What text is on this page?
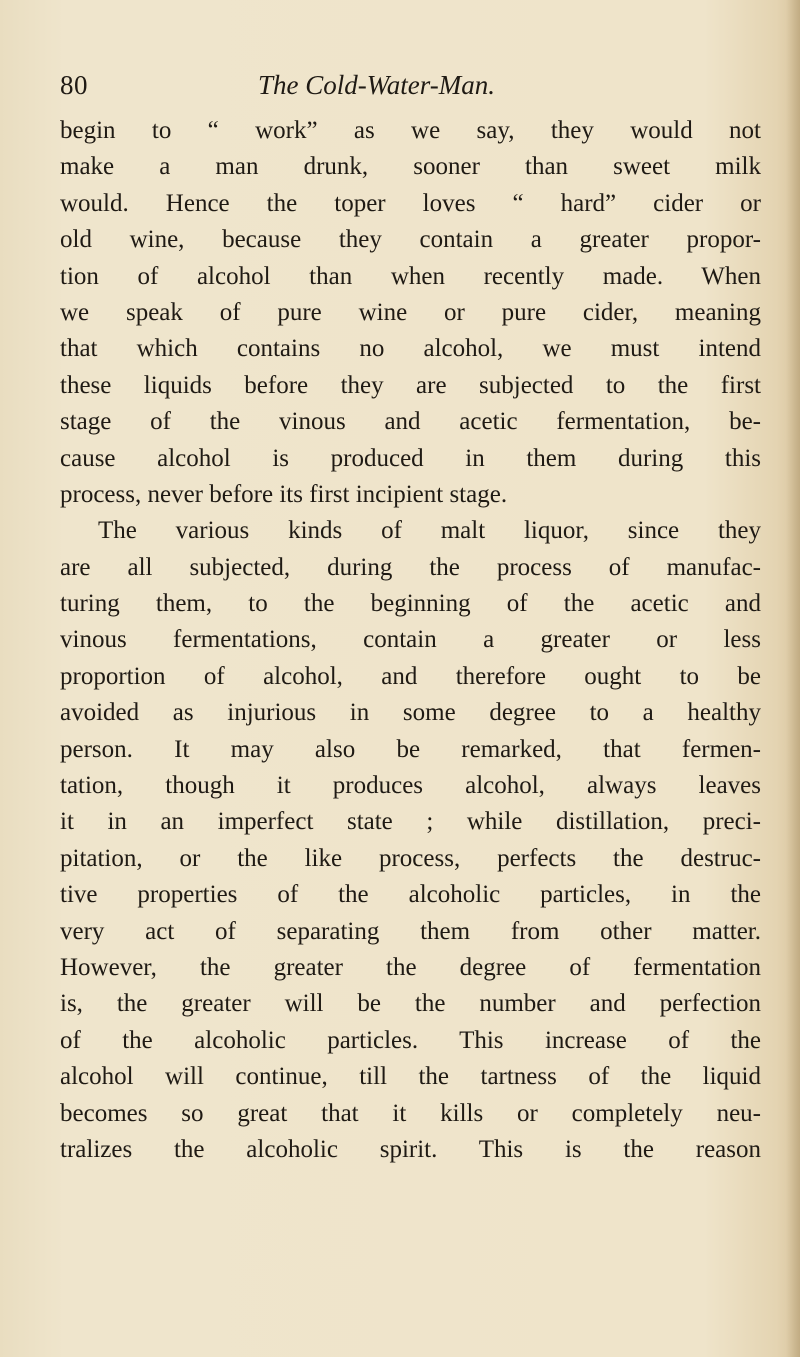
80	The Cold-Water-Man.
begin to “ work” as we say, they would not
make a man drunk, sooner than sweet milk
would. Hence the toper loves “ hard” cider or
old wine, because they contain a greater propor-
tion of alcohol than when recently made. When
we speak of pure wine or pure cider, meaning
that which contains no alcohol, we must intend
these liquids before they are subjected to the first
stage of the vinous and acetic fermentation, be-
cause alcohol is produced in them during this
process, never before its first incipient stage.
The various kinds of malt liquor, since they
are all subjected, during the process of manufac-
turing them, to the beginning of the acetic and
vinous fermentations, contain a greater or less
proportion of alcohol, and therefore ought to be
avoided as injurious in some degree to a healthy
person. It may also be remarked, that fermen-
tation, though it produces alcohol, always leaves
it in an imperfect state ; while distillation, preci-
pitation, or the like process, perfects the destruc-
tive properties of the alcoholic particles, in the
very act of separating them from other matter.
However, the greater the degree of fermentation
is, the greater will be the number and perfection
of the alcoholic particles. This increase of the
alcohol will continue, till the tartness of the liquid
becomes so great that it kills or completely neu-
tralizes the alcoholic spirit. This is the reason
